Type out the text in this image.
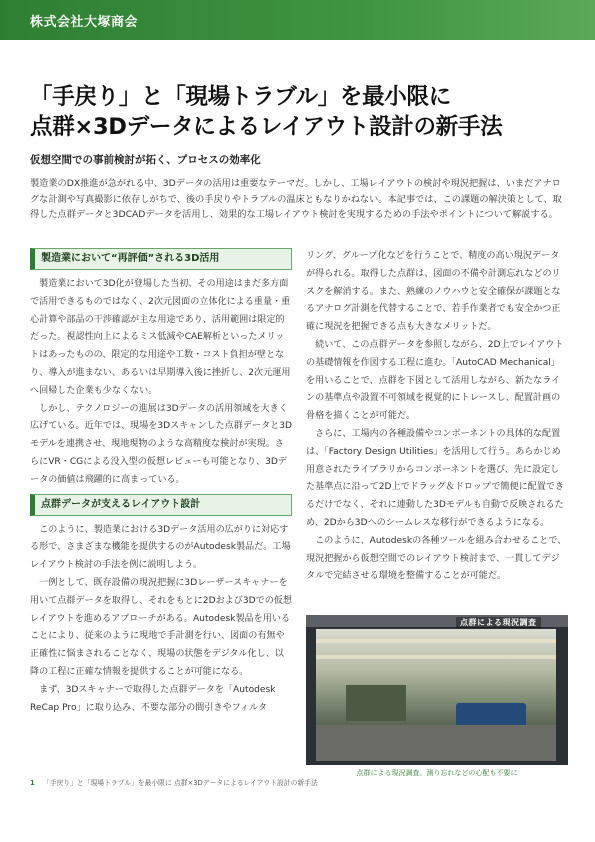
株式会社大塚商会
「手戻り」と「現場トラブル」を最小限に
点群×3Dデータによるレイアウト設計の新手法
仮想空間での事前検討が拓く、プロセスの効率化
製造業のDX推進が急がれる中、3Dデータの活用は重要なテーマだ。しかし、工場レイアウトの検討や現況把握は、いまだアナログな計測や写真撮影に依存しがちで、後の手戻りやトラブルの温床ともなりかねない。本記事では、この課題の解決策として、取得した点群データと3DCADデータを活用し、効果的な工場レイアウト検討を実現するための手法やポイントについて解説する。
製造業において“再評価”される3D活用

　製造業において3D化が登場した当初、その用途はまだ多方面で活用できるものではなく、2次元図面の立体化による重量・重心計算や部品の干渉確認が主な用途であり、活用範囲は限定的だった。視認性向上によるミス低減やCAE解析といったメリットはあったものの、限定的な用途や工数・コスト負担が壁となり、導入が進まない、あるいは早期導入後に挫折し、2次元運用へ回帰した企業も少なくない。

　しかし、テクノロジーの進展は3Dデータの活用領域を大きく広げている。近年では、現場を3Dスキャンした点群データと3Dモデルを連携させ、現地現物のような高精度な検討が実現。さらにVR・CGによる没入型の仮想レビューも可能となり、3Dデータの価値は飛躍的に高まっている。

点群データが支えるレイアウト設計

　このように、製造業における3Dデータ活用の広がりに対応する形で、さまざまな機能を提供するのがAutodesk製品だ。工場レイアウト検討の手法を例に説明しよう。

　一例として、既存設備の現況把握に3Dレーザースキャナーを用いて点群データを取得し、それをもとに2Dおよび3Dでの仮想レイアウトを進めるアプローチがある。Autodesk製品を用いることにより、従来のように現地で手計測を行い、図面の有無や正確性に悩まされることなく、現場の状態をデジタル化し、以降の工程に正確な情報を提供することが可能になる。

　まず、3Dスキャナーで取得した点群データを「Autodesk ReCap Pro」に取り込み、不要な部分の間引きやフィルタ

リング、グループ化などを行うことで、精度の高い現況データが得られる。取得した点群は、図面の不備や計測忘れなどのリスクを解消する。また、熟練のノウハウと安全確保が課題となるアナログ計測を代替することで、若手作業者でも安全かつ正確に現況を把握できる点も大きなメリットだ。

　続いて、この点群データを参照しながら、2D上でレイアウトの基礎情報を作図する工程に進む。「AutoCAD Mechanical」を用いることで、点群を下図として活用しながら、新たなラインの基準点や設置不可領域を視覚的にトレースし、配置計画の骨格を描くことが可能だ。

　さらに、工場内の各種設備やコンポーネントの具体的な配置は、「Factory Design Utilities」を活用して行う。あらかじめ用意されたライブラリからコンポーネントを選び、先に設定した基準点に沿って2D上でドラッグ＆ドロップで簡便に配置できるだけでなく、それに連動した3Dモデルも自動で反映されるため、2Dから3Dへのシームレスな移行ができるようになる。

　このように、Autodeskの各種ツールを組み合わせることで、現況把握から仮想空間でのレイアウト検討まで、一貫してデジタルで完結させる環境を整備することが可能だ。

点群による現況調査
点群による現況調査。測り忘れなどの心配も不要に
1 「手戻り」と「現場トラブル」を最小限に 点群×3Dデータによるレイアウト設計の新手法
